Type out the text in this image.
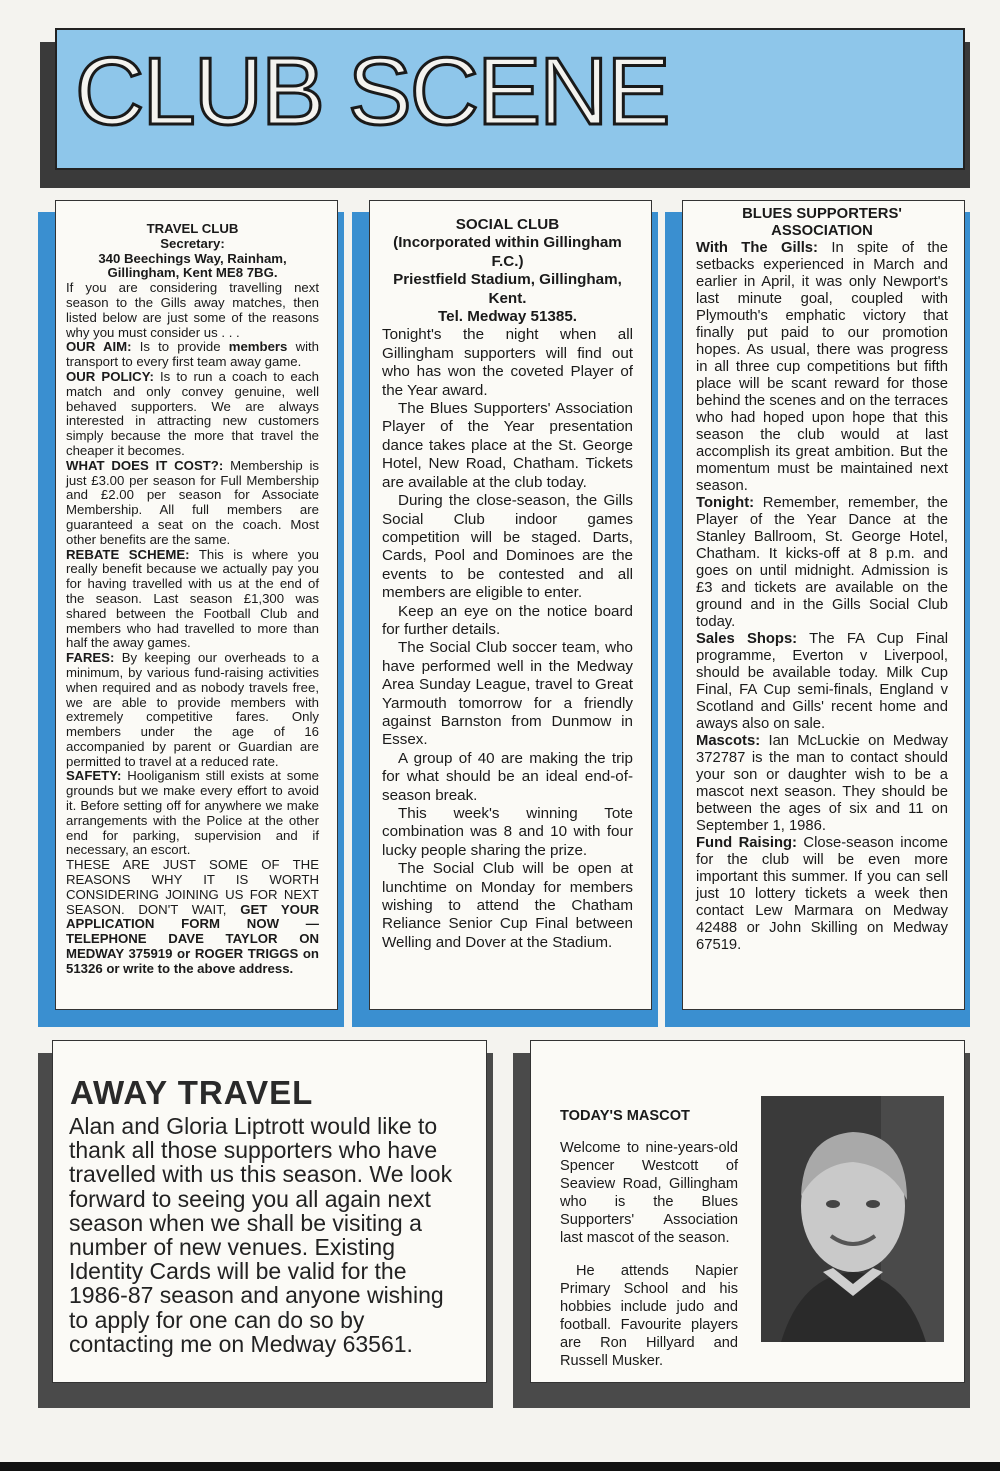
CLUB SCENE

TRAVEL CLUB

Secretary:

340 Beechings Way, Rainham, Gillingham, Kent ME8 7BG.

If you are considering travelling next season to the Gills away matches, then listed below are just some of the reasons why you must consider us . . .

OUR AIM: Is to provide members with transport to every first team away game.

OUR POLICY: Is to run a coach to each match and only convey genuine, well behaved supporters. We are always interested in attracting new customers simply because the more that travel the cheaper it becomes.

WHAT DOES IT COST?: Membership is just £3.00 per season for Full Membership and £2.00 per season for Associate Membership. All full members are guaranteed a seat on the coach. Most other benefits are the same.

REBATE SCHEME: This is where you really benefit because we actually pay you for having travelled with us at the end of the season. Last season £1,300 was shared between the Football Club and members who had travelled to more than half the away games.

FARES: By keeping our overheads to a minimum, by various fund-raising activities when required and as nobody travels free, we are able to provide members with extremely competitive fares. Only members under the age of 16 accompanied by parent or Guardian are permitted to travel at a reduced rate.

SAFETY: Hooliganism still exists at some grounds but we make every effort to avoid it. Before setting off for anywhere we make arrangements with the Police at the other end for parking, supervision and if necessary, an escort.

THESE ARE JUST SOME OF THE REASONS WHY IT IS WORTH CONSIDERING JOINING US FOR NEXT SEASON. DON'T WAIT, GET YOUR APPLICATION FORM NOW — TELEPHONE DAVE TAYLOR ON MEDWAY 375919 or ROGER TRIGGS on 51326 or write to the above address.

SOCIAL CLUB

(Incorporated within Gillingham F.C.)

Priestfield Stadium, Gillingham, Kent.

Tel. Medway 51385.

Tonight's the night when all Gillingham supporters will find out who has won the coveted Player of the Year award.

The Blues Supporters' Association Player of the Year presentation dance takes place at the St. George Hotel, New Road, Chatham. Tickets are available at the club today.

During the close-season, the Gills Social Club indoor games competition will be staged. Darts, Cards, Pool and Dominoes are the events to be contested and all members are eligible to enter.

Keep an eye on the notice board for further details.

The Social Club soccer team, who have performed well in the Medway Area Sunday League, travel to Great Yarmouth tomorrow for a friendly against Barnston from Dunmow in Essex.

A group of 40 are making the trip for what should be an ideal end-of-season break.

This week's winning Tote combination was 8 and 10 with four lucky people sharing the prize.

The Social Club will be open at lunchtime on Monday for members wishing to attend the Chatham Reliance Senior Cup Final between Welling and Dover at the Stadium.

BLUES SUPPORTERS' ASSOCIATION

With The Gills: In spite of the setbacks experienced in March and earlier in April, it was only Newport's last minute goal, coupled with Plymouth's emphatic victory that finally put paid to our promotion hopes. As usual, there was progress in all three cup competitions but fifth place will be scant reward for those behind the scenes and on the terraces who had hoped upon hope that this season the club would at last accomplish its great ambition. But the momentum must be maintained next season.

Tonight: Remember, remember, the Player of the Year Dance at the Stanley Ballroom, St. George Hotel, Chatham. It kicks-off at 8 p.m. and goes on until midnight. Admission is £3 and tickets are available on the ground and in the Gills Social Club today.

Sales Shops: The FA Cup Final programme, Everton v Liverpool, should be available today. Milk Cup Final, FA Cup semi-finals, England v Scotland and Gills' recent home and aways also on sale.

Mascots: Ian McLuckie on Medway 372787 is the man to contact should your son or daughter wish to be a mascot next season. They should be between the ages of six and 11 on September 1, 1986.

Fund Raising: Close-season income for the club will be even more important this summer. If you can sell just 10 lottery tickets a week then contact Lew Marmara on Medway 42488 or John Skilling on Medway 67519.

AWAY TRAVEL
Alan and Gloria Liptrott would like to thank all those supporters who have travelled with us this season. We look forward to seeing you all again next season when we shall be visiting a number of new venues. Existing Identity Cards will be valid for the 1986-87 season and anyone wishing to apply for one can do so by contacting me on Medway 63561.

TODAY'S MASCOT

Welcome to nine-years-old Spencer Westcott of Seaview Road, Gillingham who is the Blues Supporters' Association last mascot of the season.

He attends Napier Primary School and his hobbies include judo and football. Favourite players are Ron Hillyard and Russell Musker.
